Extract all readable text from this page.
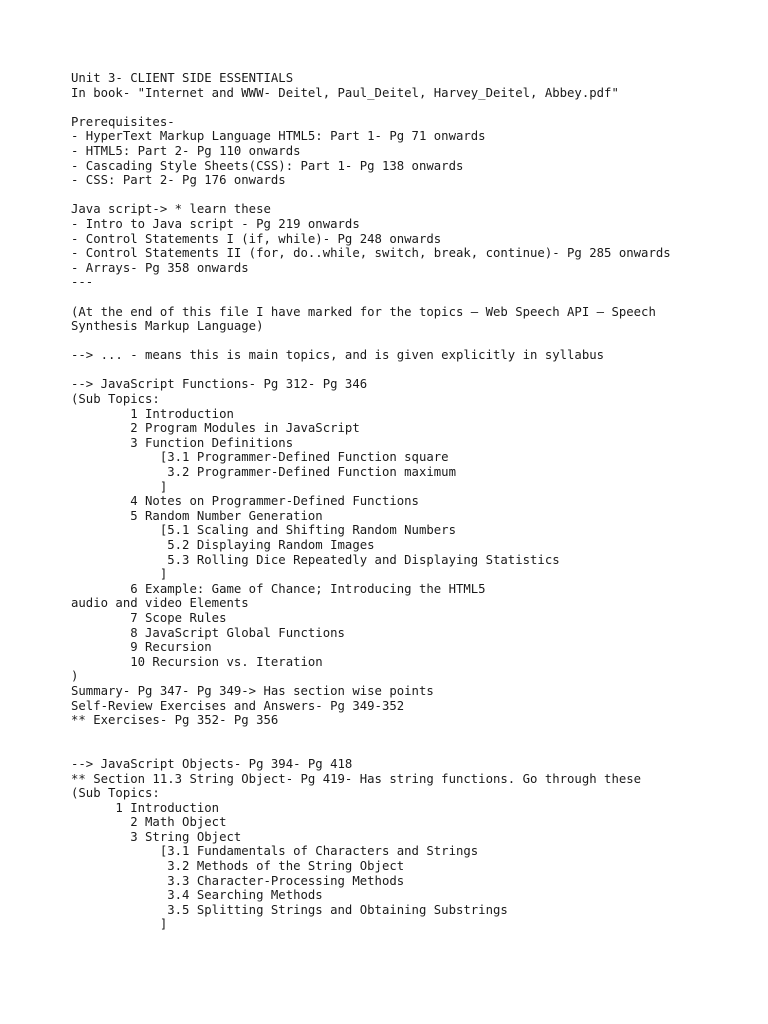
Unit 3- CLIENT SIDE ESSENTIALS
In book- "Internet and WWW- Deitel, Paul_Deitel, Harvey_Deitel, Abbey.pdf"
Prerequisites-
- HyperText Markup Language HTML5: Part 1- Pg 71 onwards
- HTML5: Part 2- Pg 110 onwards
- Cascading Style Sheets(CSS): Part 1- Pg 138 onwards
- CSS: Part 2- Pg 176 onwards
Java script-> * learn these
- Intro to Java script - Pg 219 onwards
- Control Statements I (if, while)- Pg 248 onwards
- Control Statements II (for, do..while, switch, break, continue)- Pg 285 onwards
- Arrays- Pg 358 onwards
---
(At the end of this file I have marked for the topics – Web Speech API – Speech
Synthesis Markup Language)
--> ... - means this is main topics, and is given explicitly in syllabus
--> JavaScript Functions- Pg 312- Pg 346
(Sub Topics:
1 Introduction
2 Program Modules in JavaScript
3 Function Definitions
[3.1 Programmer-Defined Function square
3.2 Programmer-Defined Function maximum
]
4 Notes on Programmer-Defined Functions
5 Random Number Generation
[5.1 Scaling and Shifting Random Numbers
5.2 Displaying Random Images
5.3 Rolling Dice Repeatedly and Displaying Statistics
]
6 Example: Game of Chance; Introducing the HTML5
audio and video Elements
7 Scope Rules
8 JavaScript Global Functions
9 Recursion
10 Recursion vs. Iteration
)
Summary- Pg 347- Pg 349-> Has section wise points
Self-Review Exercises and Answers- Pg 349-352
** Exercises- Pg 352- Pg 356
--> JavaScript Objects- Pg 394- Pg 418
** Section 11.3 String Object- Pg 419- Has string functions. Go through these
(Sub Topics:
1 Introduction
2 Math Object
3 String Object
[3.1 Fundamentals of Characters and Strings
3.2 Methods of the String Object
3.3 Character-Processing Methods
3.4 Searching Methods
3.5 Splitting Strings and Obtaining Substrings
]
